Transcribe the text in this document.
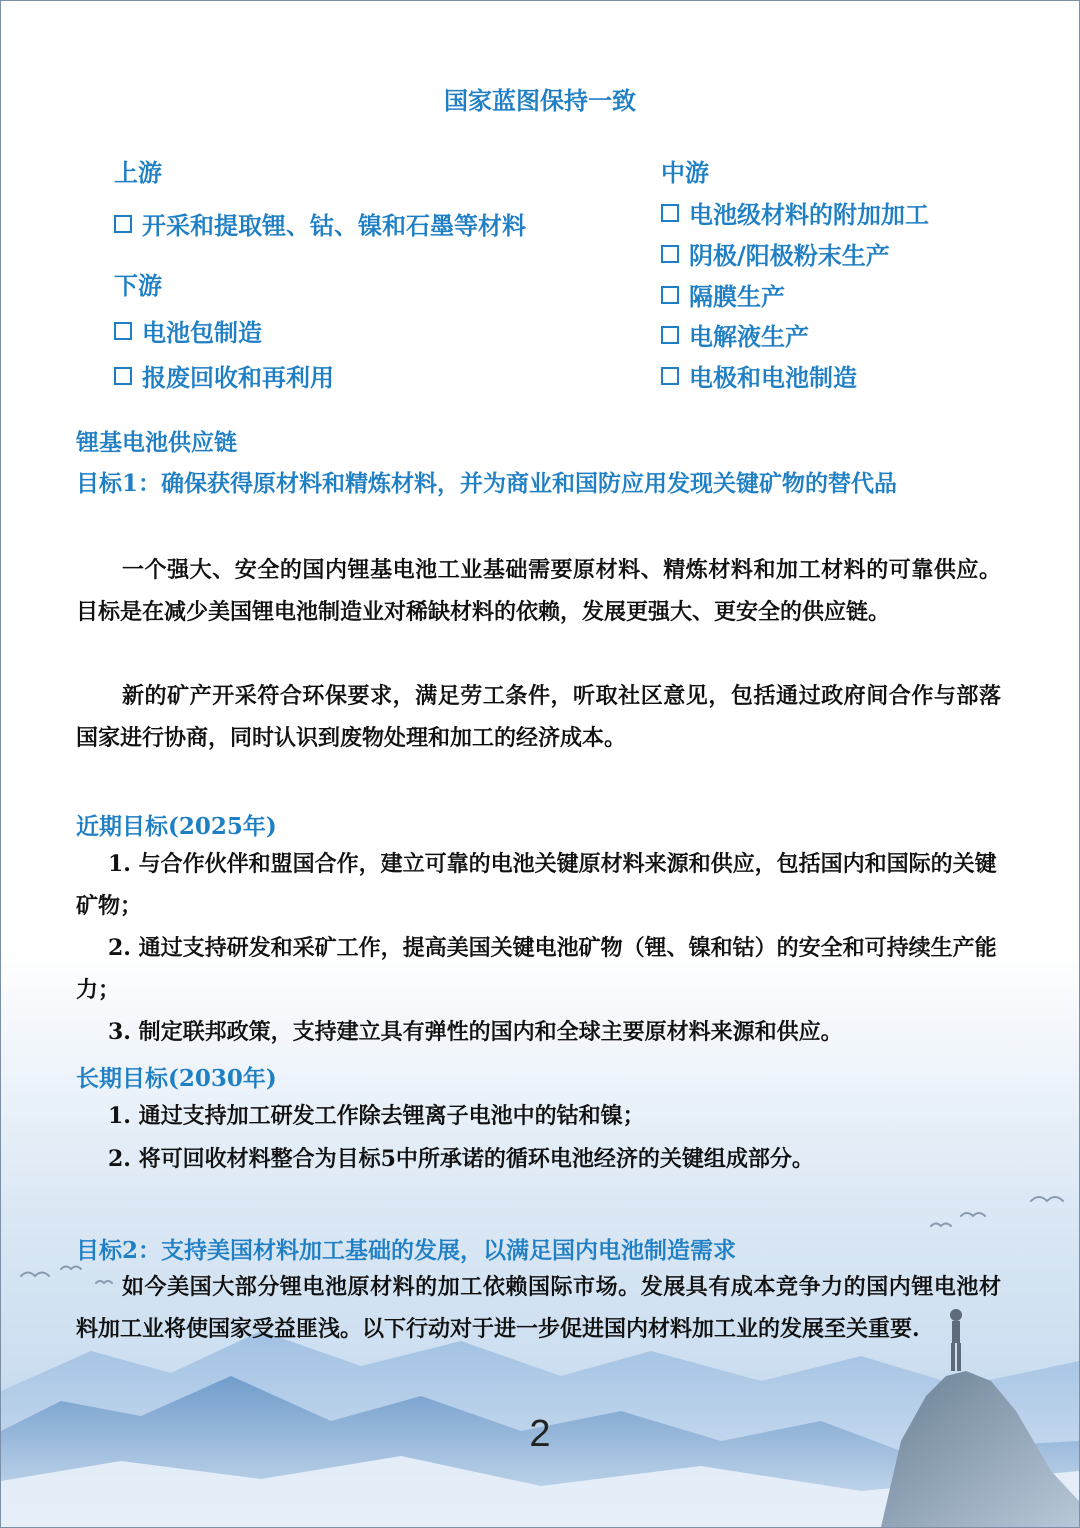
国家蓝图保持一致
上游
开采和提取锂、钴、镍和石墨等材料
下游
电池包制造
报废回收和再利用
中游
电池级材料的附加加工
阴极/阳极粉末生产
隔膜生产
电解液生产
电极和电池制造
锂基电池供应链

目标1：确保获得原材料和精炼材料，并为商业和国防应用发现关键矿物的替代品

一个强大、安全的国内锂基电池工业基础需要原材料、精炼材料和加工材料的可靠供应。目标是在减少美国锂电池制造业对稀缺材料的依赖，发展更强大、更安全的供应链。

新的矿产开采符合环保要求，满足劳工条件，听取社区意见，包括通过政府间合作与部落国家进行协商，同时认识到废物处理和加工的经济成本。

近期目标(2025年)

1. 与合作伙伴和盟国合作，建立可靠的电池关键原材料来源和供应，包括国内和国际的关键矿物；

2. 通过支持研发和采矿工作，提高美国关键电池矿物（锂、镍和钴）的安全和可持续生产能力；

3. 制定联邦政策，支持建立具有弹性的国内和全球主要原材料来源和供应。

长期目标(2030年)

1. 通过支持加工研发工作除去锂离子电池中的钴和镍；

2. 将可回收材料整合为目标5中所承诺的循环电池经济的关键组成部分。

目标2：支持美国材料加工基础的发展，以满足国内电池制造需求

如今美国大部分锂电池原材料的加工依赖国际市场。发展具有成本竞争力的国内锂电池材料加工业将使国家受益匪浅。以下行动对于进一步促进国内材料加工业的发展至关重要.

2
